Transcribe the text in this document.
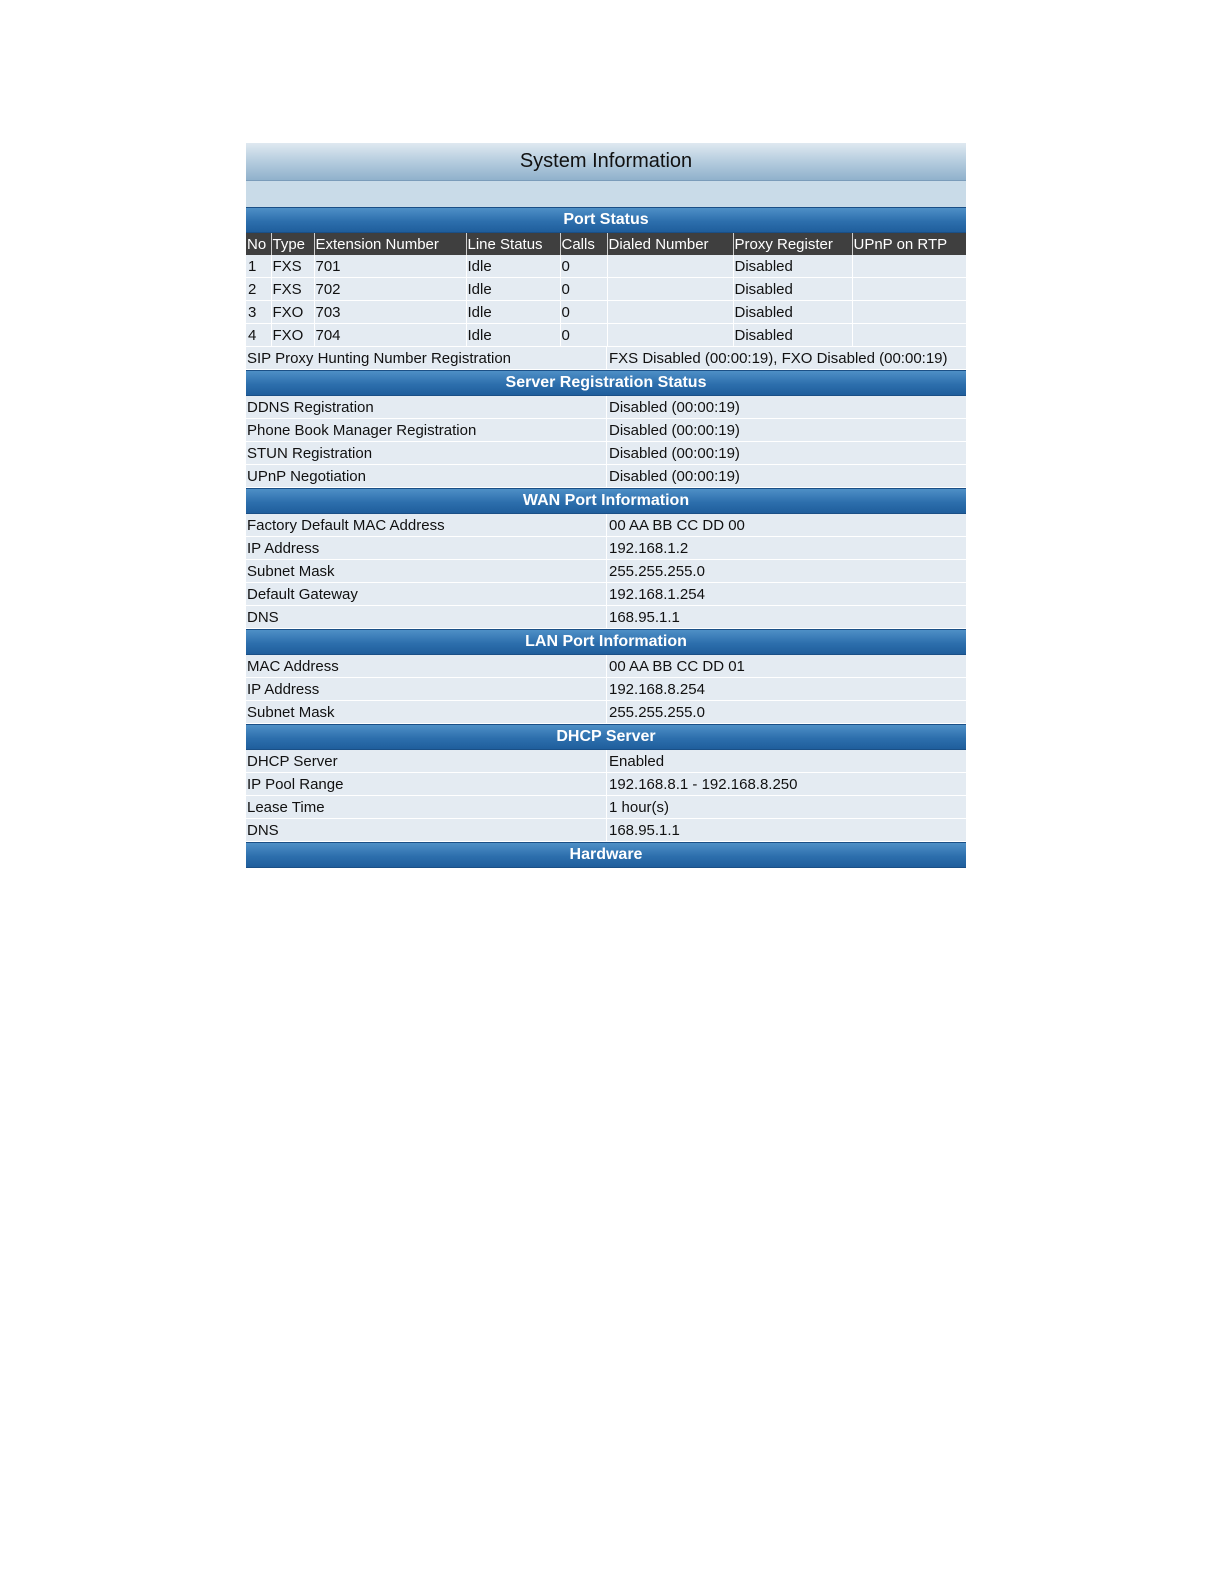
System Information
Port Status
No	Type	Extension Number	Line Status	Calls	Dialed Number	Proxy Register	UPnP on RTP
1	FXS	701	Idle	0		Disabled	
2	FXS	702	Idle	0		Disabled	
3	FXO	703	Idle	0		Disabled	
4	FXO	704	Idle	0		Disabled	
SIP Proxy Hunting Number Registration	FXS Disabled (00:00:19), FXO Disabled (00:00:19)
Server Registration Status
DDNS Registration	Disabled (00:00:19)
Phone Book Manager Registration	Disabled (00:00:19)
STUN Registration	Disabled (00:00:19)
UPnP Negotiation	Disabled (00:00:19)
WAN Port Information
Factory Default MAC Address	00 AA BB CC DD 00
IP Address	192.168.1.2
Subnet Mask	255.255.255.0
Default Gateway	192.168.1.254
DNS	168.95.1.1
LAN Port Information
MAC Address	00 AA BB CC DD 01
IP Address	192.168.8.254
Subnet Mask	255.255.255.0
DHCP Server
DHCP Server	Enabled
IP Pool Range	192.168.8.1 - 192.168.8.250
Lease Time	1 hour(s)
DNS	168.95.1.1
Hardware
